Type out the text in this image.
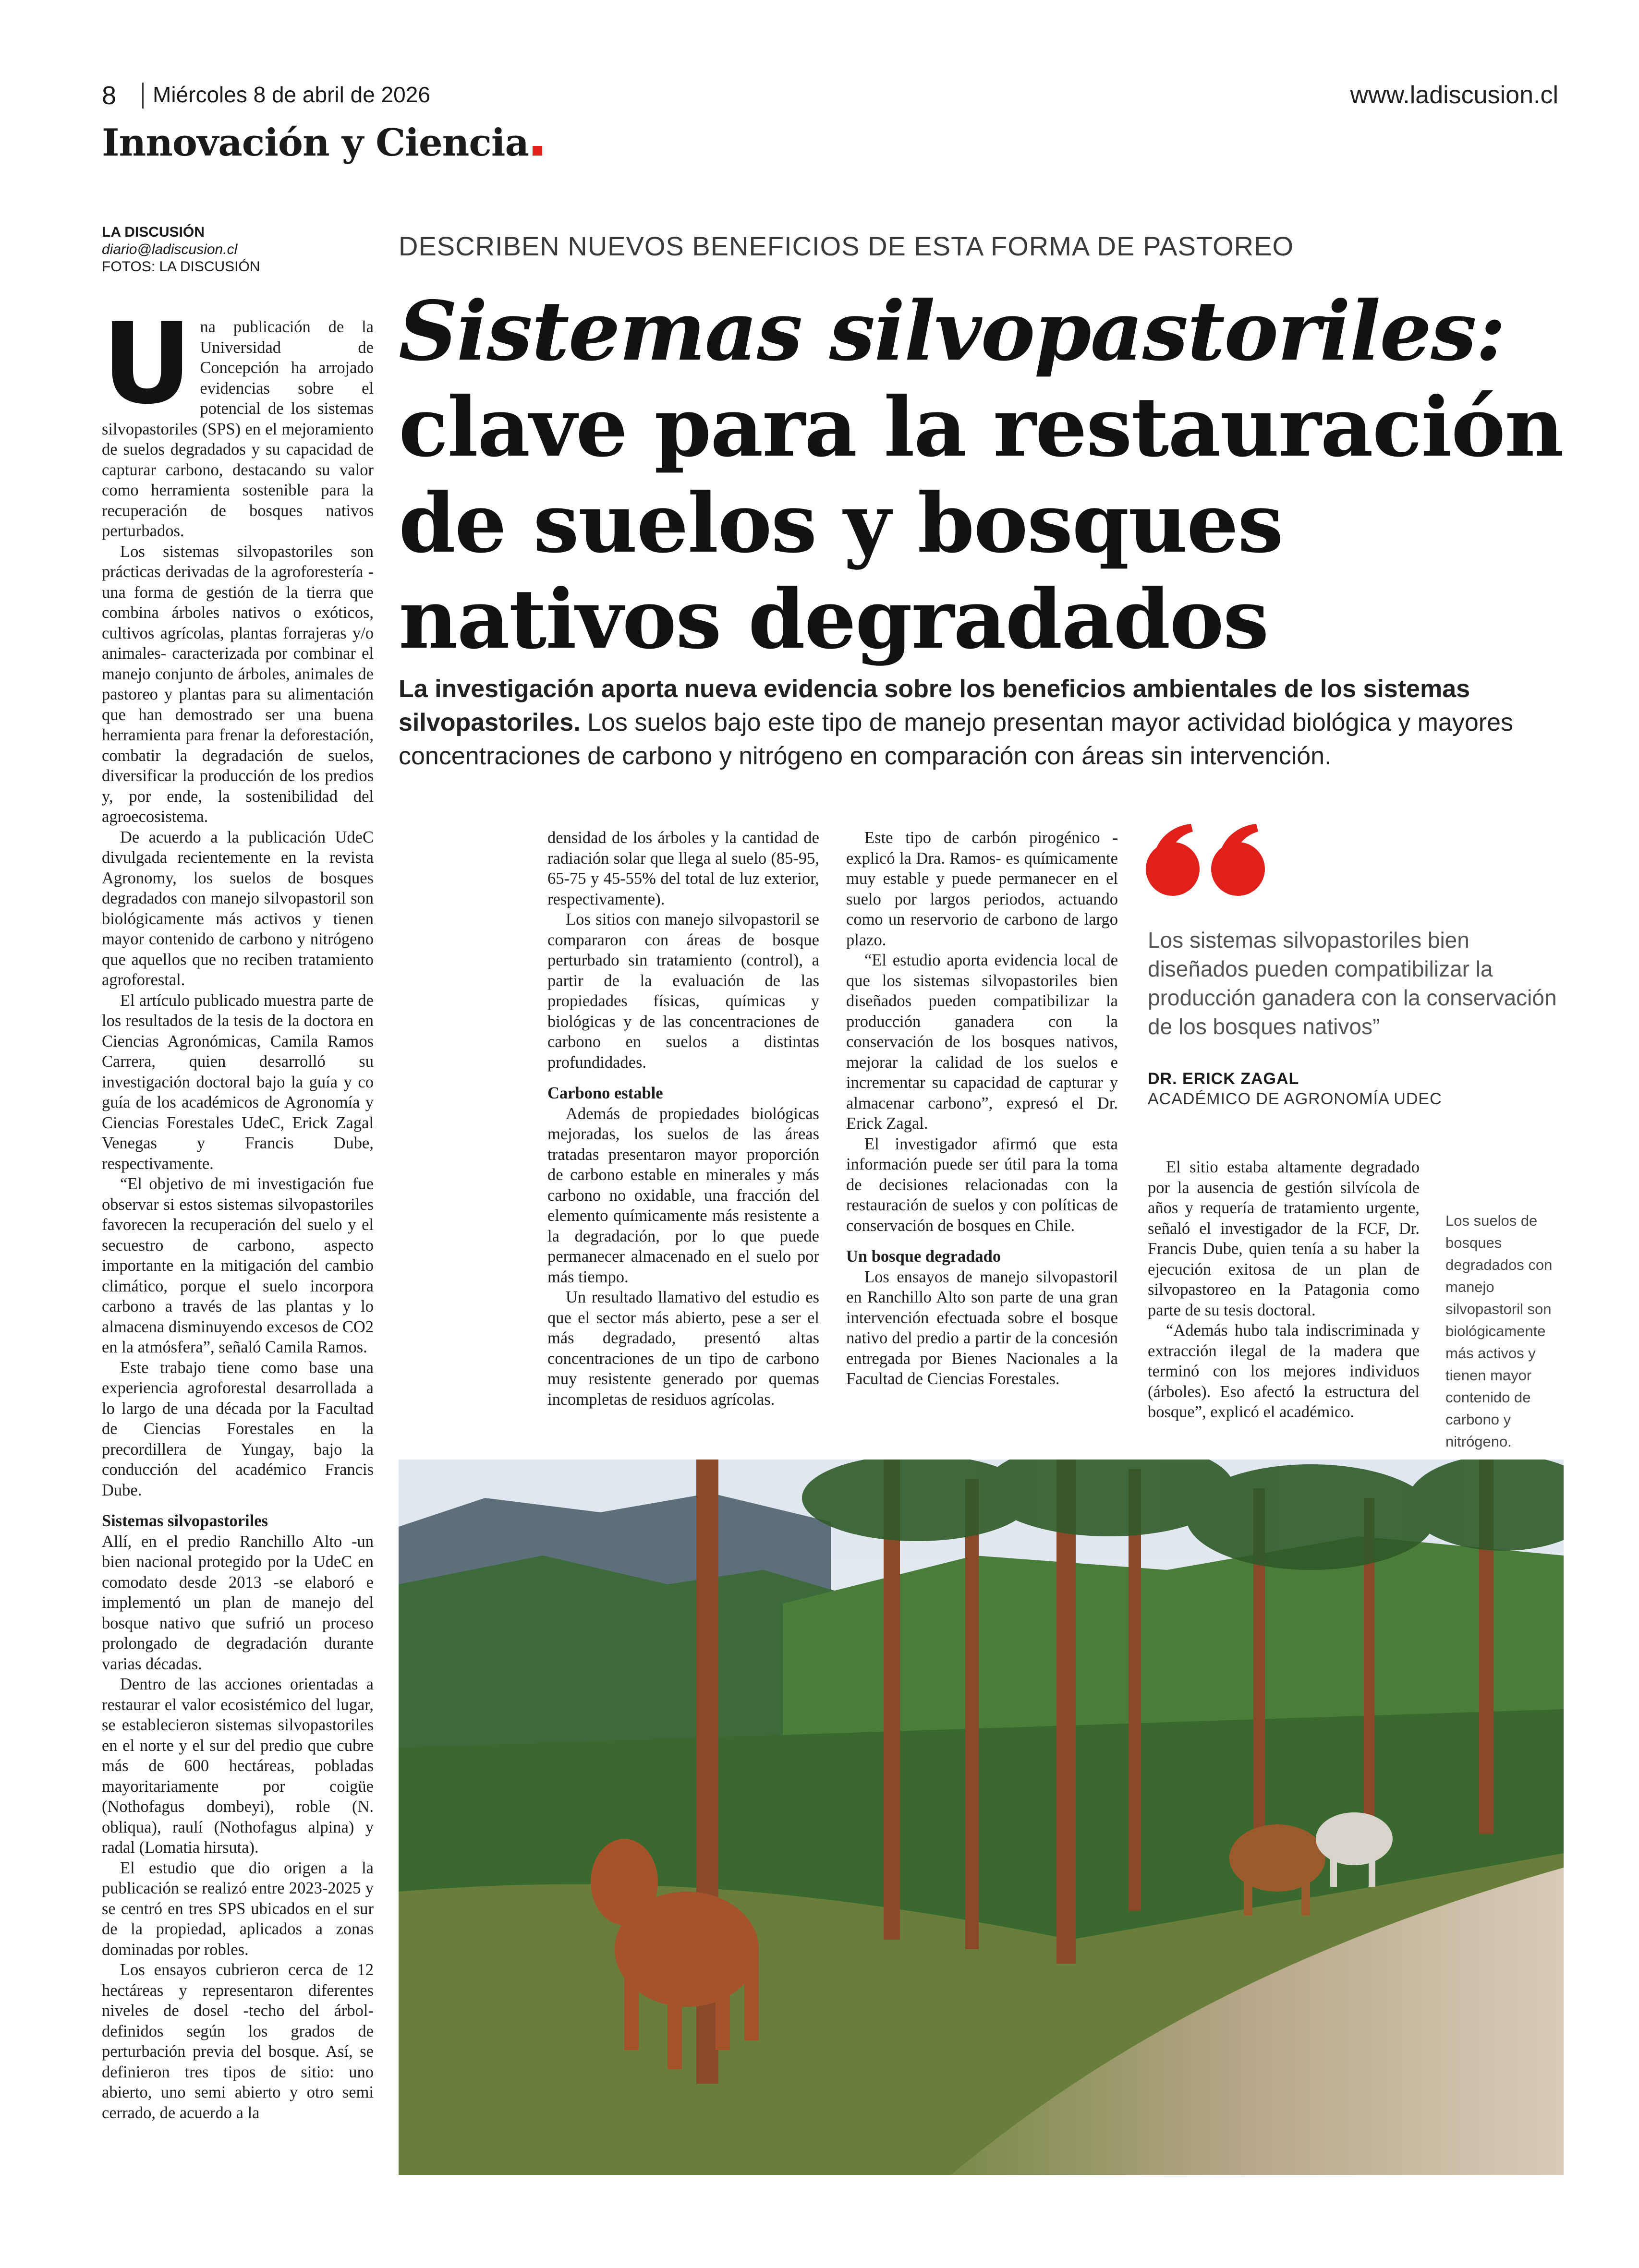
8 Miércoles 8 de abril de 2026	www.ladiscusion.cl
Innovación y Ciencia
LA DISCUSIÓN
diario@ladiscusion.cl
FOTOS: LA DISCUSIÓN
DESCRIBEN NUEVOS BENEFICIOS DE ESTA FORMA DE PASTOREO
Sistemas silvopastoriles:
clave para la restauración
de suelos y bosques
nativos degradados
La investigación aporta nueva evidencia sobre los beneficios ambientales de los sistemas silvopastoriles. Los suelos bajo este tipo de manejo presentan mayor actividad biológica y mayores concentraciones de carbono y nitrógeno en comparación con áreas sin intervención.

Una publicación de la Universidad de Concepción ha arrojado evidencias sobre el potencial de los sistemas silvopastoriles (SPS) en el mejoramiento de suelos degradados y su capacidad de capturar carbono, destacando su valor como herramienta sostenible para la recuperación de bosques nativos perturbados.

Los sistemas silvopastoriles son prácticas derivadas de la agroforestería -una forma de gestión de la tierra que combina árboles nativos o exóticos, cultivos agrícolas, plantas forrajeras y/o animales- caracterizada por combinar el manejo conjunto de árboles, animales de pastoreo y plantas para su alimentación que han demostrado ser una buena herramienta para frenar la deforestación, combatir la degradación de suelos, diversificar la producción de los predios y, por ende, la sostenibilidad del agroecosistema.

De acuerdo a la publicación UdeC divulgada recientemente en la revista Agronomy, los suelos de bosques degradados con manejo silvopastoril son biológicamente más activos y tienen mayor contenido de carbono y nitrógeno que aquellos que no reciben tratamiento agroforestal.

El artículo publicado muestra parte de los resultados de la tesis de la doctora en Ciencias Agronómicas, Camila Ramos Carrera, quien desarrolló su investigación doctoral bajo la guía y co guía de los académicos de Agronomía y Ciencias Forestales UdeC, Erick Zagal Venegas y Francis Dube, respectivamente.

“El objetivo de mi investigación fue observar si estos sistemas silvopastoriles favorecen la recuperación del suelo y el secuestro de carbono, aspecto importante en la mitigación del cambio climático, porque el suelo incorpora carbono a través de las plantas y lo almacena disminuyendo excesos de CO2 en la atmósfera”, señaló Camila Ramos.

Este trabajo tiene como base una experiencia agroforestal desarrollada a lo largo de una década por la Facultad de Ciencias Forestales en la precordillera de Yungay, bajo la conducción del académico Francis Dube.

Sistemas silvopastoriles

Allí, en el predio Ranchillo Alto -un bien nacional protegido por la UdeC en comodato desde 2013 -se elaboró e implementó un plan de manejo del bosque nativo que sufrió un proceso prolongado de degradación durante varias décadas.

Dentro de las acciones orientadas a restaurar el valor ecosistémico del lugar, se establecieron sistemas silvopastoriles en el norte y el sur del predio que cubre más de 600 hectáreas, pobladas mayoritariamente por coigüe (Nothofagus dombeyi), roble (N. obliqua), raulí (Nothofagus alpina) y radal (Lomatia hirsuta).

El estudio que dio origen a la publicación se realizó entre 2023-2025 y se centró en tres SPS ubicados en el sur de la propiedad, aplicados a zonas dominadas por robles.

Los ensayos cubrieron cerca de 12 hectáreas y representaron diferentes niveles de dosel -techo del árbol- definidos según los grados de perturbación previa del bosque. Así, se definieron tres tipos de sitio: uno abierto, uno semi abierto y otro semi cerrado, de acuerdo a la

densidad de los árboles y la cantidad de radiación solar que llega al suelo (85-95, 65-75 y 45-55% del total de luz exterior, respectivamente).

Los sitios con manejo silvopastoril se compararon con áreas de bosque perturbado sin tratamiento (control), a partir de la evaluación de las propiedades físicas, químicas y biológicas y de las concentraciones de carbono en suelos a distintas profundidades.

Carbono estable

Además de propiedades biológicas mejoradas, los suelos de las áreas tratadas presentaron mayor proporción de carbono estable en minerales y más carbono no oxidable, una fracción del elemento químicamente más resistente a la degradación, por lo que puede permanecer almacenado en el suelo por más tiempo.

Un resultado llamativo del estudio es que el sector más abierto, pese a ser el más degradado, presentó altas concentraciones de un tipo de carbono muy resistente generado por quemas incompletas de residuos agrícolas.

Este tipo de carbón pirogénico -explicó la Dra. Ramos- es químicamente muy estable y puede permanecer en el suelo por largos periodos, actuando como un reservorio de carbono de largo plazo.

“El estudio aporta evidencia local de que los sistemas silvopastoriles bien diseñados pueden compatibilizar la producción ganadera con la conservación de los bosques nativos, mejorar la calidad de los suelos e incrementar su capacidad de capturar y almacenar carbono”, expresó el Dr. Erick Zagal.

El investigador afirmó que esta información puede ser útil para la toma de decisiones relacionadas con la restauración de suelos y con políticas de conservación de bosques en Chile.

Un bosque degradado

Los ensayos de manejo silvopastoril en Ranchillo Alto son parte de una gran intervención efectuada sobre el bosque nativo del predio a partir de la concesión entregada por Bienes Nacionales a la Facultad de Ciencias Forestales.

Los sistemas silvopastoriles bien diseñados pueden compatibilizar la producción ganadera con la conservación de los bosques nativos”
DR. ERICK ZAGAL
ACADÉMICO DE AGRONOMÍA UDEC

El sitio estaba altamente degradado por la ausencia de gestión silvícola de años y requería de tratamiento urgente, señaló el investigador de la FCF, Dr. Francis Dube, quien tenía a su haber la ejecución exitosa de un plan de silvopastoreo en la Patagonia como parte de su tesis doctoral.

“Además hubo tala indiscriminada y extracción ilegal de la madera que terminó con los mejores individuos (árboles). Eso afectó la estructura del bosque”, explicó el académico.

Los suelos de bosques degradados con manejo silvopastoril son biológicamente más activos y tienen mayor contenido de carbono y nitrógeno.
